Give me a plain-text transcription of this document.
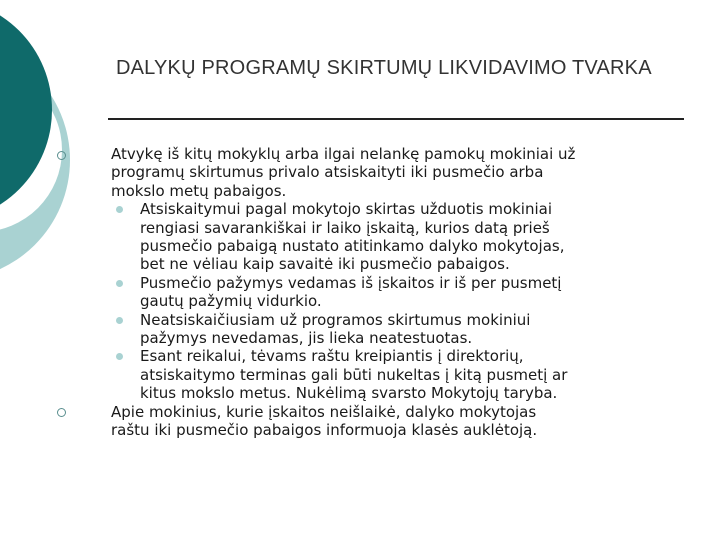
DALYKŲ PROGRAMŲ SKIRTUMŲ LIKVIDAVIMO TVARKA
Atvykę iš kitų mokyklų arba ilgai nelankę pamokų mokiniai už
programų skirtumus privalo atsiskaityti iki pusmečio arba
mokslo metų pabaigos.
Atsiskaitymui pagal mokytojo skirtas užduotis mokiniai
rengiasi savarankiškai ir laiko įskaitą, kurios datą prieš
pusmečio pabaigą nustato atitinkamo dalyko mokytojas,
bet ne vėliau kaip savaitė iki pusmečio pabaigos.
Pusmečio pažymys vedamas iš įskaitos ir iš per pusmetį
gautų pažymių vidurkio.
Neatsiskaičiusiam už programos skirtumus mokiniui
pažymys nevedamas, jis lieka neatestuotas.
Esant reikalui, tėvams raštu kreipiantis į direktorių,
atsiskaitymo terminas gali būti nukeltas į kitą pusmetį ar
kitus mokslo metus. Nukėlimą svarsto Mokytojų taryba.
Apie mokinius, kurie įskaitos neišlaikė, dalyko mokytojas
raštu iki pusmečio pabaigos informuoja klasės auklėtoją.
